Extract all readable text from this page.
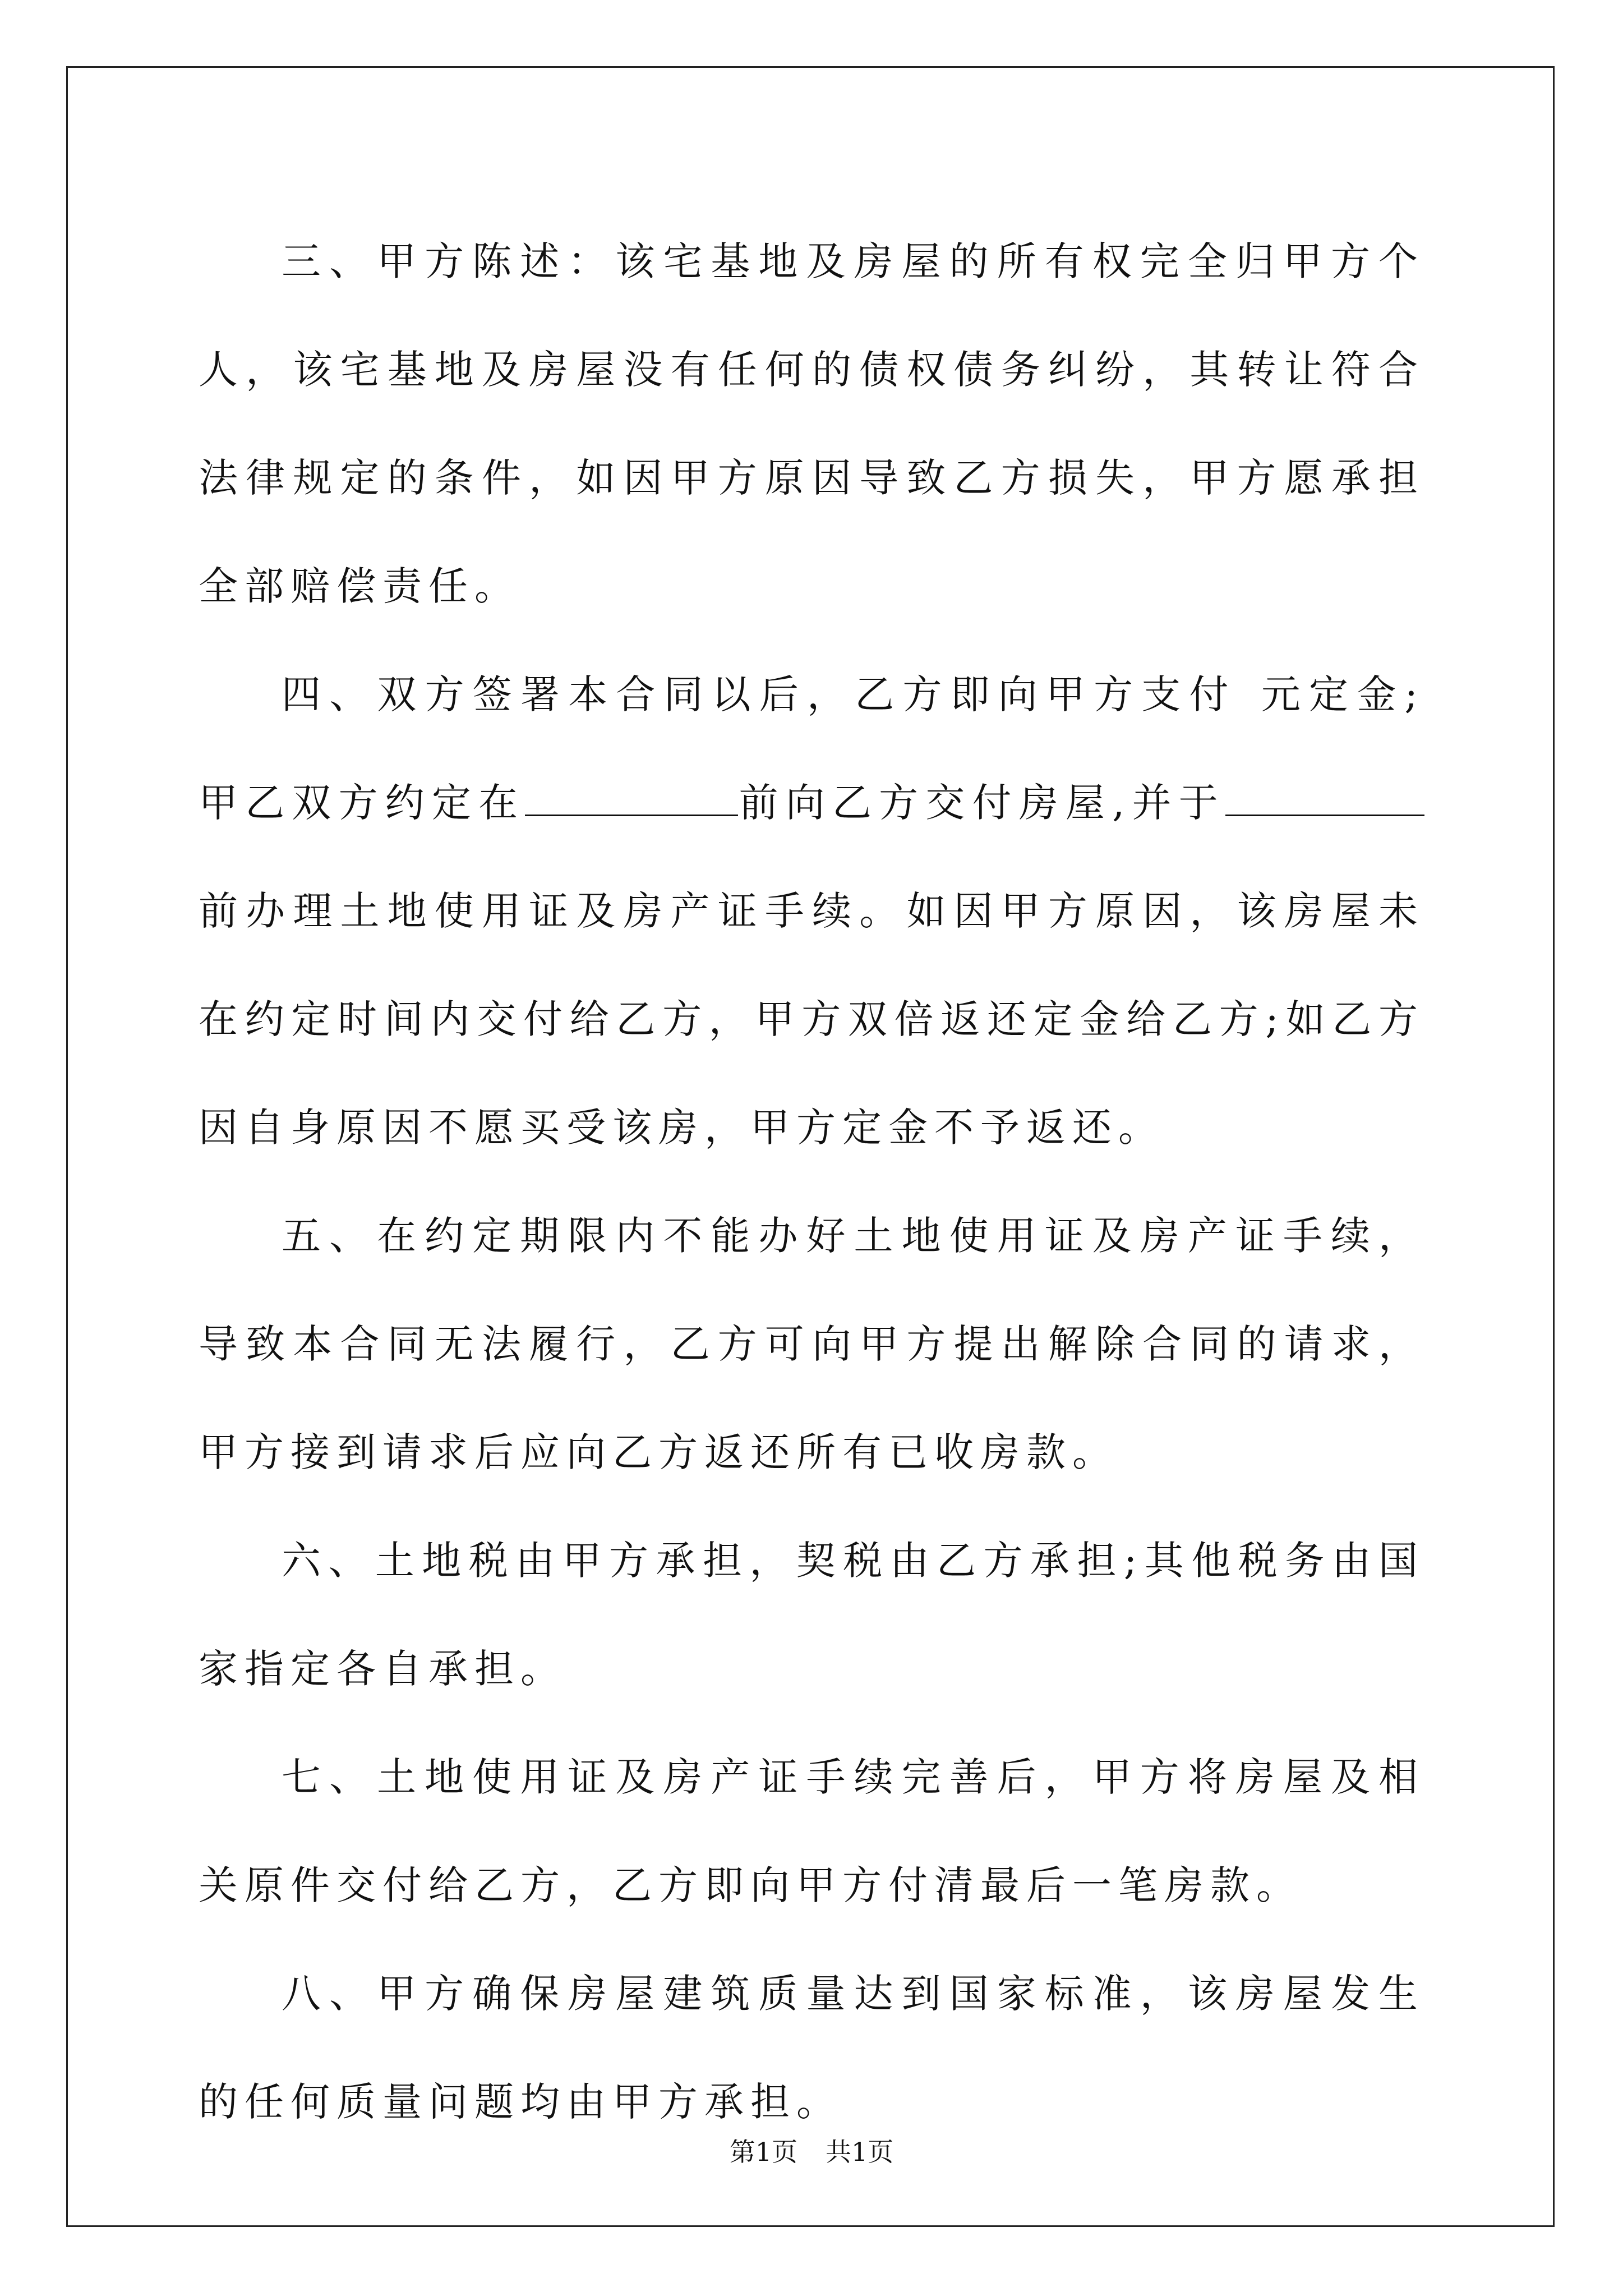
三、甲方陈述：该宅基地及房屋的所有权完全归甲方个人，该宅基地及房屋没有任何的债权债务纠纷，其转让符合法律规定的条件，如因甲方原因导致乙方损失，甲方愿承担全部赔偿责任。

四、双方签署本合同以后，乙方即向甲方支付 元定金;甲乙双方约定在	前向乙方交付房屋,并于前办理土地使用证及房产证手续。如因甲方原因，该房屋未在约定时间内交付给乙方，甲方双倍返还定金给乙方;如乙方因自身原因不愿买受该房，甲方定金不予返还。

五、在约定期限内不能办好土地使用证及房产证手续，导致本合同无法履行，乙方可向甲方提出解除合同的请求，甲方接到请求后应向乙方返还所有已收房款。

六、土地税由甲方承担，契税由乙方承担;其他税务由国家指定各自承担。

七、土地使用证及房产证手续完善后，甲方将房屋及相关原件交付给乙方，乙方即向甲方付清最后一笔房款。

八、甲方确保房屋建筑质量达到国家标准，该房屋发生的任何质量问题均由甲方承担。

第1页 共1页
